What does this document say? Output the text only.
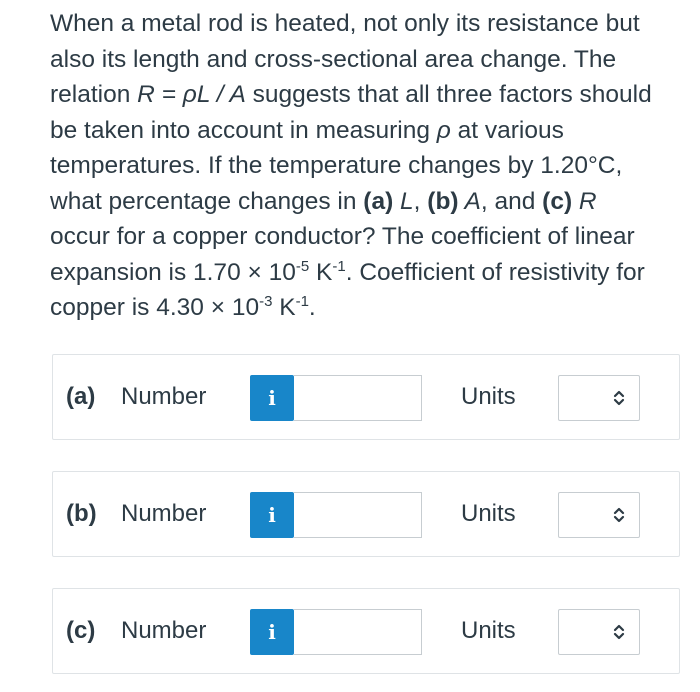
When a metal rod is heated, not only its resistance but also its length and cross-sectional area change. The relation R = ρL / A suggests that all three factors should be taken into account in measuring ρ at various temperatures. If the temperature changes by 1.20°C, what percentage changes in (a) L, (b) A, and (c) R occur for a copper conductor? The coefficient of linear expansion is $1.70 \times 10^{-5}$ $K^{-1}$. Coefficient of resistivity for copper is $4.30 \times 10^{-3}$ $K^{-1}$.
(a) Number	i	Units
(b) Number	i	Units
(c) Number	i	Units
